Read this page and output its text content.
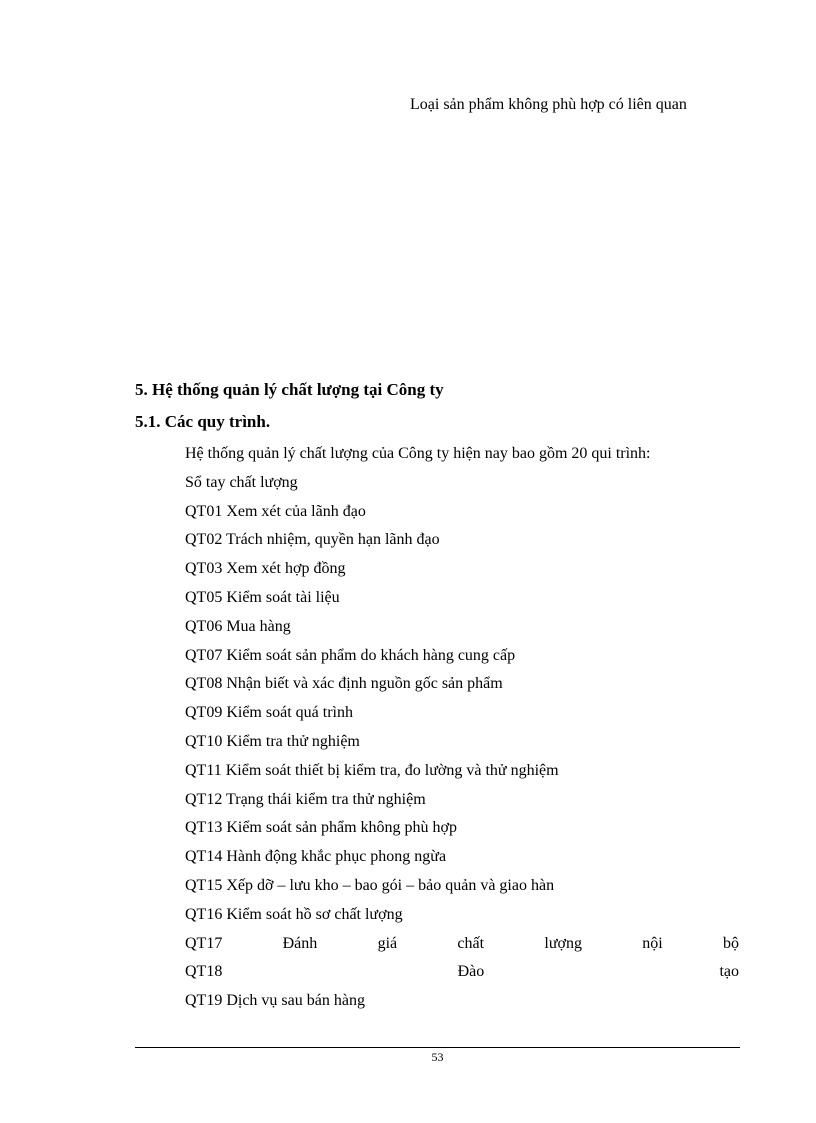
Loại sản phẩm không phù hợp có liên quan
5. Hệ thống quản lý chất lượng tại Công ty
5.1. Các quy trình.
Hệ thống quản lý chất lượng của Công ty hiện nay bao gồm 20 qui trình:
Sổ tay chất lượng
QT01 Xem xét của lãnh đạo
QT02 Trách nhiệm, quyền hạn lãnh đạo
QT03 Xem xét hợp đồng
QT05 Kiểm soát tài liệu
QT06 Mua hàng
QT07 Kiểm soát sản phẩm do khách hàng cung cấp
QT08 Nhận biết và xác định nguồn gốc sản phẩm
QT09 Kiểm soát quá trình
QT10 Kiểm tra thử nghiệm
QT11 Kiểm soát thiết bị kiểm tra, đo lường và thử nghiệm
QT12 Trạng thái kiểm tra thử nghiệm
QT13 Kiểm soát sản phẩm không phù hợp
QT14 Hành động khắc phục phong ngừa
QT15 Xếp dỡ – lưu kho – bao gói – bảo quản và giao hàn
QT16 Kiểm soát hồ sơ chất lượng
QT17	Đánh	giá	chất	lượng	nội	bộ
QT18	Đào	tạo
QT19 Dịch vụ sau bán hàng
53
